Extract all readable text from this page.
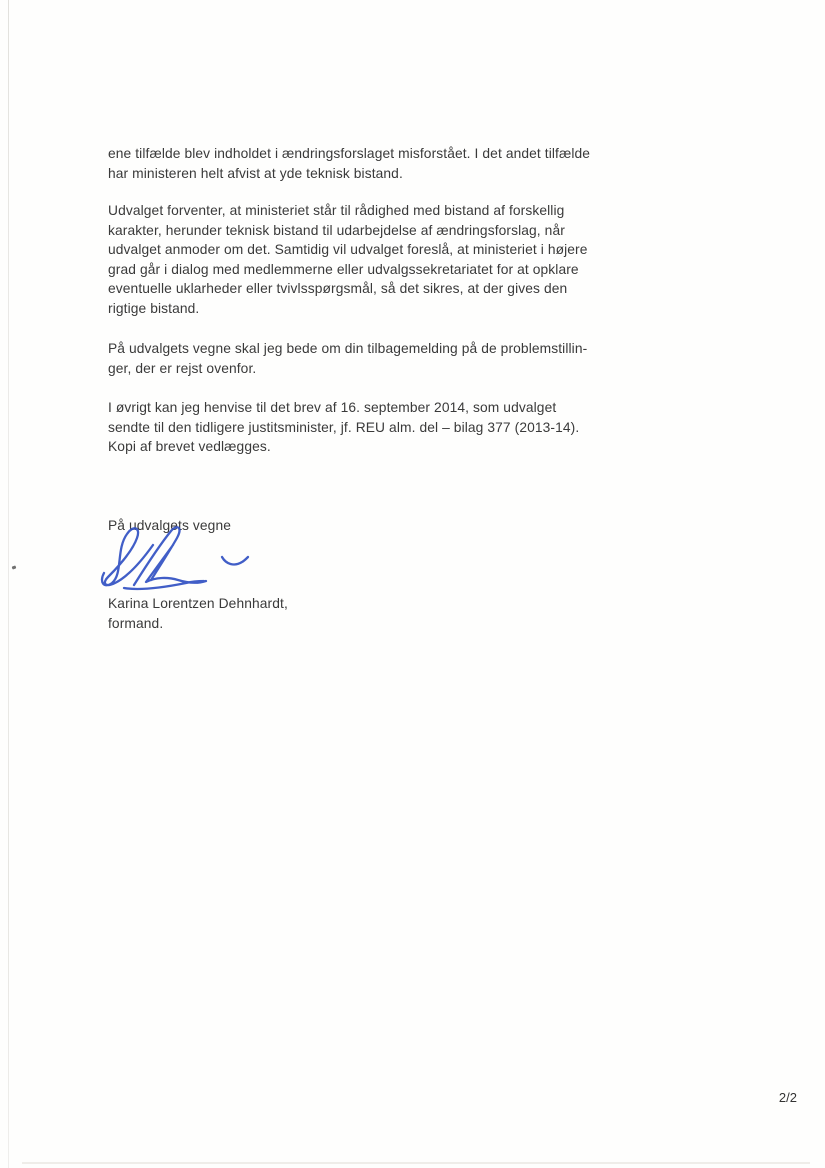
ene tilfælde blev indholdet i ændringsforslaget misforstået. I det andet tilfælde
har ministeren helt afvist at yde teknisk bistand.
Udvalget forventer, at ministeriet står til rådighed med bistand af forskellig
karakter, herunder teknisk bistand til udarbejdelse af ændringsforslag, når
udvalget anmoder om det. Samtidig vil udvalget foreslå, at ministeriet i højere
grad går i dialog med medlemmerne eller udvalgssekretariatet for at opklare
eventuelle uklarheder eller tvivlsspørgsmål, så det sikres, at der gives den
rigtige bistand.
På udvalgets vegne skal jeg bede om din tilbagemelding på de problemstillin-
ger, der er rejst ovenfor.
I øvrigt kan jeg henvise til det brev af 16. september 2014, som udvalget
sendte til den tidligere justitsminister, jf. REU alm. del – bilag 377 (2013-14).
Kopi af brevet vedlægges.
På udvalgets vegne
Karina Lorentzen Dehnhardt,
formand.
2/2
